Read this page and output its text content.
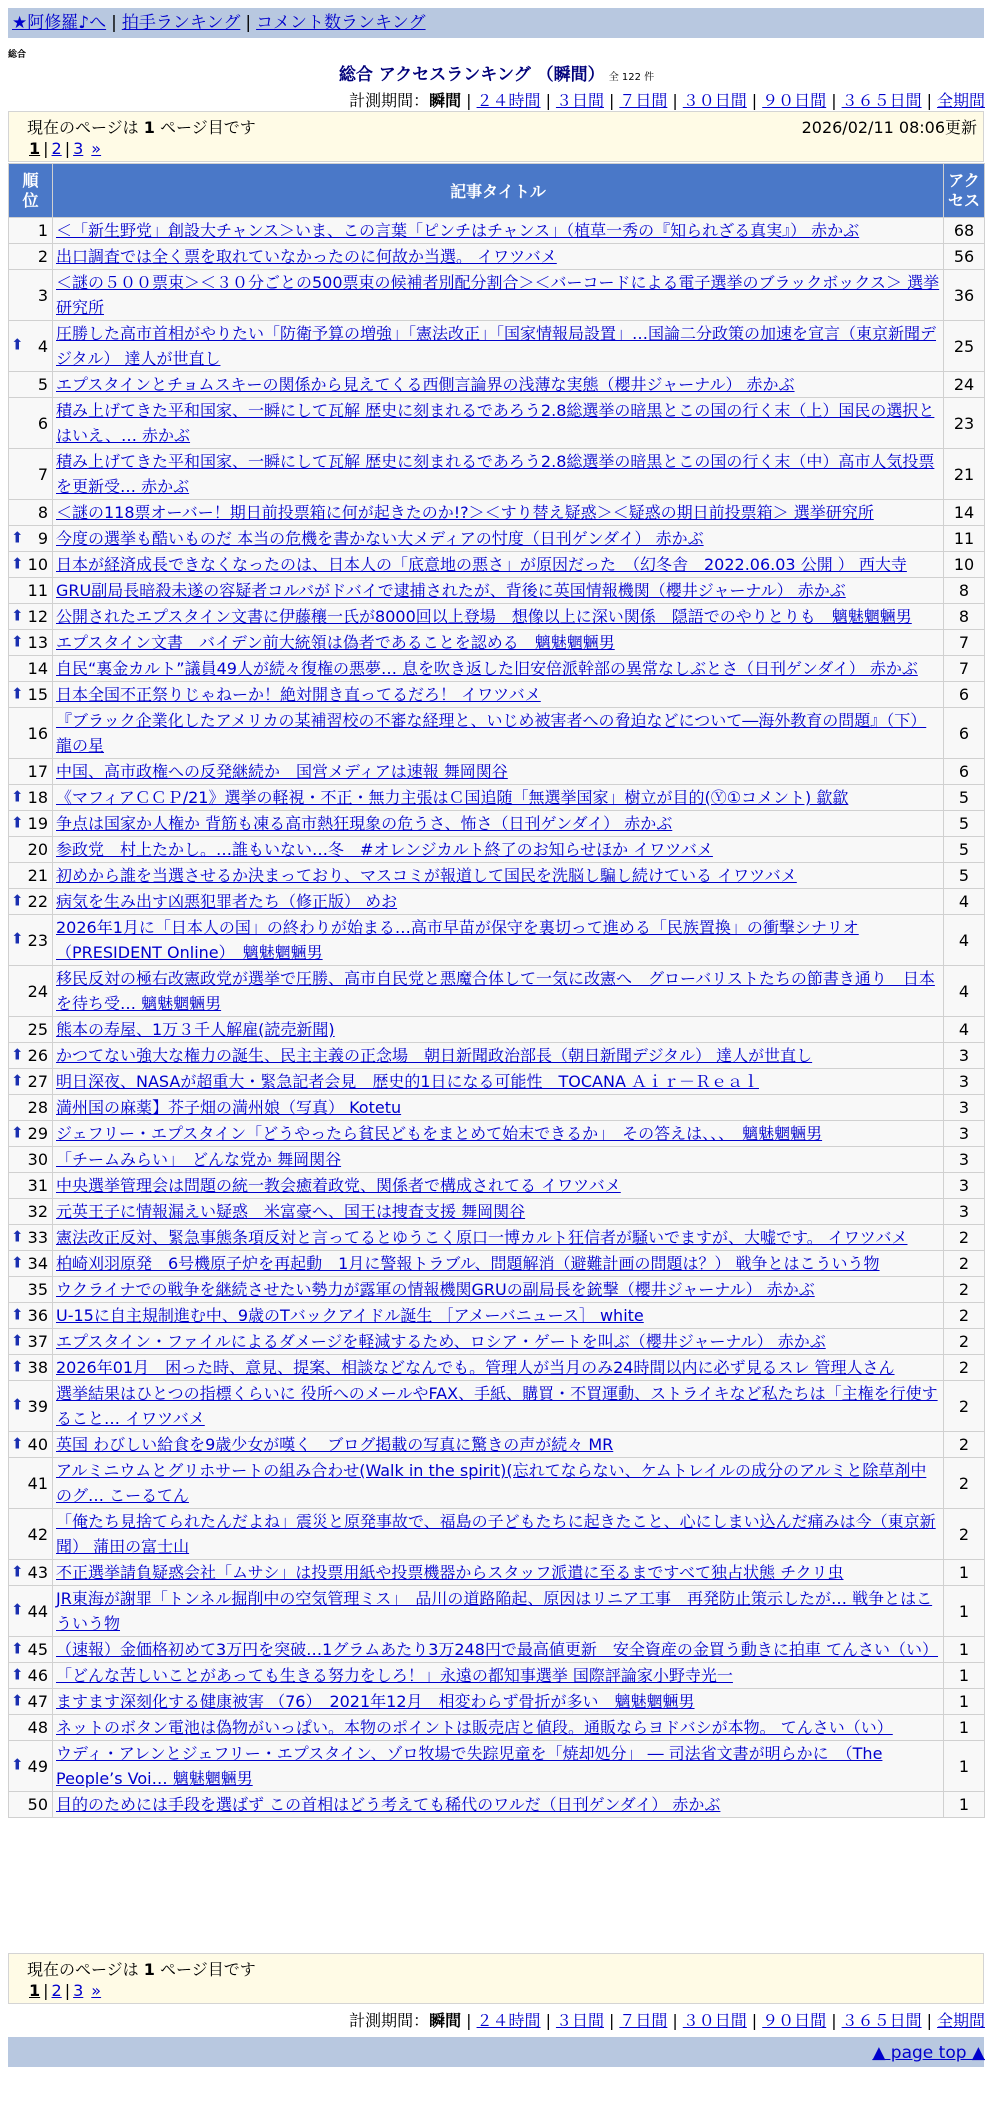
★阿修羅♪へ | 拍手ランキング | コメント数ランキング
総合
総合 アクセスランキング （瞬間） 全 122 件
計測期間：瞬間 | ２４時間 | ３日間 | ７日間 | ３０日間 | ９０日間 | ３６５日間 | 全期間
現在のページは 1 ページ目です	2026/02/11 08:06更新
1 | 2 | 3 »
順位	記事タイトル	アクセス
1	＜「新生野党」創設大チャンス＞いま、この言葉「ピンチはチャンス」（植草一秀の『知られざる真実』） 赤かぶ	68
2	出口調査では全く票を取れていなかったのに何故か当選。 イワツバメ	56
3	＜謎の５００票束＞＜３０分ごとの500票束の候補者別配分割合＞＜バーコードによる電子選挙のブラックボックス＞ 選挙研究所	36

⬆ 4	圧勝した高市首相がやりたい「防衛予算の増強」「憲法改正」「国家情報局設置」…国論二分政策の加速を宣言（東京新聞デジタル） 達人が世直し	25
5	エプスタインとチョムスキーの関係から見えてくる西側言論界の浅薄な実態（櫻井ジャーナル） 赤かぶ	24
6	積み上げてきた平和国家、一瞬にして瓦解 歴史に刻まれるであろう2.8総選挙の暗黒とこの国の行く末（上）国民の選択とはいえ、… 赤かぶ	23
7	積み上げてきた平和国家、一瞬にして瓦解 歴史に刻まれるであろう2.8総選挙の暗黒とこの国の行く末（中）高市人気投票を更新受… 赤かぶ	21
8	＜謎の118票オーバー！期日前投票箱に何が起きたのか!?＞＜すり替え疑惑＞＜疑惑の期日前投票箱＞ 選挙研究所	14

⬆ 9	今度の選挙も酷いものだ 本当の危機を書かない大メディアの忖度（日刊ゲンダイ） 赤かぶ	11

⬆ 10	日本が経済成長できなくなったのは、日本人の「底意地の悪さ」が原因だった　（幻冬舎　2022.06.03 公開 ） 西大寺	10
11	GRU副局長暗殺未遂の容疑者コルバがドバイで逮捕されたが、背後に英国情報機関（櫻井ジャーナル） 赤かぶ	8

⬆ 12	公開されたエプスタイン文書に伊藤穰一氏が8000回以上登場　想像以上に深い関係　隠語でのやりとりも　魑魅魍魎男	8

⬆ 13	エプスタイン文書　バイデン前大統領は偽者であることを認める　魑魅魍魎男	7
14	自民“裏金カルト”議員49人が続々復権の悪夢… 息を吹き返した旧安倍派幹部の異常なしぶとさ（日刊ゲンダイ） 赤かぶ	7

⬆ 15	日本全国不正祭りじゃねーか！絶対開き直ってるだろ！ イワツバメ	6
16	『ブラック企業化したアメリカの某補習校の不審な経理と、いじめ被害者への脅迫などについて―海外教育の問題』（下） 龍の星	6
17	中国、高市政権への反発継続か　国営メディアは速報 舞岡関谷	6

⬆ 18	《マフィアＣＣＰ/21》選挙の軽視・不正・無力主張はＣ国追随「無選挙国家」樹立が目的(Ⓨ①コメント) 歙歙	5

⬆ 19	争点は国家か人権か 背筋も凍る高市熱狂現象の危うさ、怖さ（日刊ゲンダイ） 赤かぶ	5
20	参政党　村上たかし。…誰もいない…冬　#オレンジカルト終了のお知らせほか イワツバメ	5
21	初めから誰を当選させるか決まっており、マスコミが報道して国民を洗脳し騙し続けている イワツバメ	5

⬆ 22	病気を生み出す凶悪犯罪者たち（修正版） めお	4

⬆ 23	2026年1月に「日本人の国」の終わりが始まる…高市早苗が保守を裏切って進める「民族置換」の衝撃シナリオ （PRESIDENT Online）　魑魅魍魎男	4
24	移民反対の極右改憲政党が選挙で圧勝、高市自民党と悪魔合体して一気に改憲へ　グローバリストたちの節書き通り　日本を待ち受… 魑魅魍魎男	4
25	熊本の寿屋、1万３千人解雇(読売新聞)	4

⬆ 26	かつてない強大な権力の誕生、民主主義の正念場　朝日新聞政治部長（朝日新聞デジタル） 達人が世直し	3

⬆ 27	明日深夜、NASAが超重大・緊急記者会見　歴史的1日になる可能性　TOCANA Ａｉｒ－Ｒｅａｌ	3
28	満州国の麻薬】芥子畑の満州娘（写真） Kotetu	3

⬆ 29	ジェフリー・エプスタイン「どうやったら貧民どもをまとめて始末できるか」　その答えは、、、　魑魅魍魎男	3
30	「チームみらい」　どんな党か 舞岡関谷	3
31	中央選挙管理会は問題の統一教会癒着政党、関係者で構成されてる イワツバメ	3
32	元英王子に情報漏えい疑惑　米富豪へ、国王は捜査支援 舞岡関谷	3

⬆ 33	憲法改正反対、緊急事態条項反対と言ってるとゆうこく原口一博カルト狂信者が騒いでますが、大嘘です。 イワツバメ	2

⬆ 34	柏崎刈羽原発　6号機原子炉を再起動　1月に警報トラブル、問題解消（避難計画の問題は？） 戦争とはこういう物	2
35	ウクライナでの戦争を継続させたい勢力が露軍の情報機関GRUの副局長を銃撃（櫻井ジャーナル） 赤かぶ	2

⬆ 36	U-15に自主規制進む中、9歳のTバックアイドル誕生 ［アメーバニュース］ white	2

⬆ 37	エプスタイン・ファイルによるダメージを軽減するため、ロシア・ゲートを叫ぶ（櫻井ジャーナル） 赤かぶ	2

⬆ 38	2026年01月　困った時、意見、提案、相談などなんでも。管理人が当月のみ24時間以内に必ず見るスレ 管理人さん	2

⬆ 39	選挙結果はひとつの指標くらいに 役所へのメールやFAX、手紙、購買・不買運動、ストライキなど私たちは「主権を行使すること… イワツバメ	2

⬆ 40	英国 わびしい給食を9歳少女が嘆く　ブログ掲載の写真に驚きの声が続々 MR	2
41	アルミニウムとグリホサートの組み合わせ(Walk in the spirit)(忘れてならない、ケムトレイルの成分のアルミと除草剤中のグ… こーるてん	2
42	「俺たち見捨てられたんだよね」震災と原発事故で、福島の子どもたちに起きたこと、心にしまい込んだ痛みは今（東京新聞） 蒲田の富士山	2

⬆ 43	不正選挙請負疑惑会社「ムサシ」は投票用紙や投票機器からスタッフ派遣に至るまですべて独占状態 チクリ虫	1

⬆ 44	JR東海が謝罪「トンネル掘削中の空気管理ミス」　品川の道路陥起、原因はリニア工事　再発防止策示したが… 戦争とはこういう物	1

⬆ 45	（速報）金価格初めて3万円を突破…1グラムあたり3万248円で最高値更新　安全資産の金買う動きに拍車 てんさい（い）	1

⬆ 46	「どんな苦しいことがあっても生きる努力をしろ！」永遠の都知事選挙 国際評論家小野寺光一	1

⬆ 47	ますます深刻化する健康被害 （76）　2021年12月　相変わらず骨折が多い　魑魅魍魎男	1
48	ネットのボタン電池は偽物がいっぱい。本物のポイントは販売店と値段。通販ならヨドバシが本物。 てんさい（い）	1

⬆ 49	ウディ・アレンとジェフリー・エプスタイン、ゾロ牧場で失踪児童を「焼却処分」 ― 司法省文書が明らかに　（The People’s Voi… 魑魅魍魎男	1
50	目的のためには手段を選ばず この首相はどう考えても稀代のワルだ（日刊ゲンダイ） 赤かぶ	1
現在のページは 1 ページ目です
1 | 2 | 3 »
計測期間：瞬間 | ２４時間 | ３日間 | ７日間 | ３０日間 | ９０日間 | ３６５日間 | 全期間
▲ page top ▲
